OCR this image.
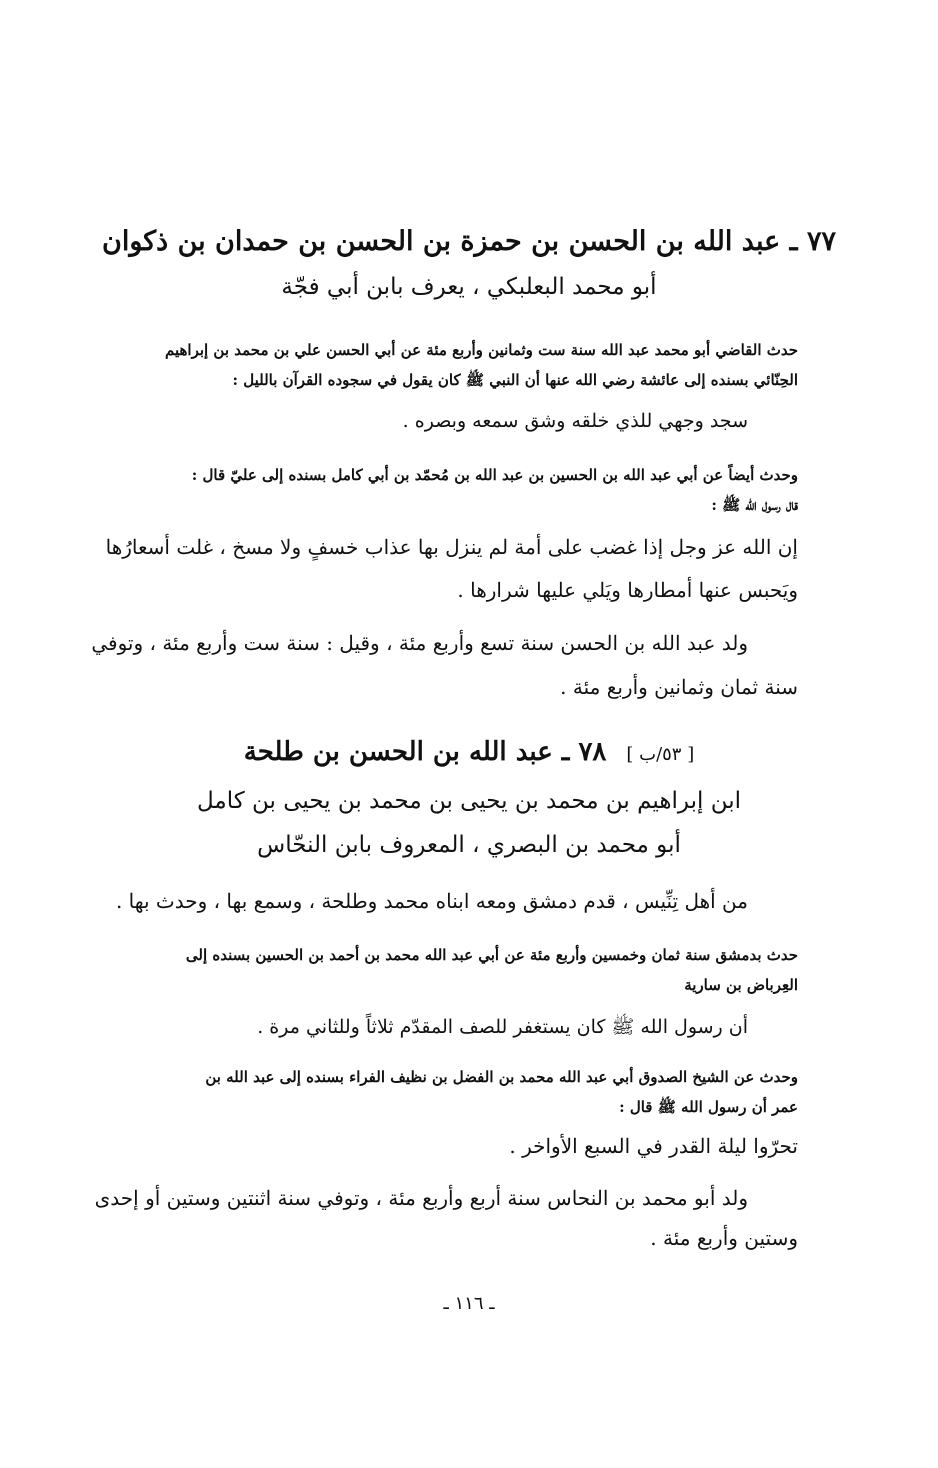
٧٧ ـ عبد الله بن الحسن بن حمزة بن الحسن بن حمدان بن ذكوان
أبو محمد البعلبكي ، يعرف بابن أبي فجّة
حدث القاضي أبو محمد عبد الله سنة ست وثمانين وأربع مئة عن أبي الحسن علي بن محمد بن إبراهيم
الحِنّائي بسنده إلى عائشة رضي الله عنها أن النبي ﷺ كان يقول في سجوده القرآن بالليل :
سجد وجهي للذي خلقه وشق سمعه وبصره .
وحدث أيضاً عن أبي عبد الله بن الحسين بن عبد الله بن مُحمّد بن أبي كامل بسنده إلى عليّ قال :
قال رسول الله ﷺ :
إن الله عز وجل إذا غضب على أمة لم ينزل بها عذاب خسفٍ ولا مسخ ، غلت أسعارُها
ويَحبس عنها أمطارها ويَلي عليها شرارها .
ولد عبد الله بن الحسن سنة تسع وأربع مئة ، وقيل : سنة ست وأربع مئة ، وتوفي
سنة ثمان وثمانين وأربع مئة .
[ ٥٣/ب ]٧٨ ـ عبد الله بن الحسن بن طلحة
ابن إبراهيم بن محمد بن يحيى بن محمد بن يحيى بن كامل
أبو محمد بن البصري ، المعروف بابن النحّاس
من أهل تِنِّيس ، قدم دمشق ومعه ابناه محمد وطلحة ، وسمع بها ، وحدث بها .
حدث بدمشق سنة ثمان وخمسين وأربع مئة عن أبي عبد الله محمد بن أحمد بن الحسين بسنده إلى
العِرباض بن سارية
أن رسول الله ﷺ كان يستغفر للصف المقدّم ثلاثاً وللثاني مرة .
وحدث عن الشيخ الصدوق أبي عبد الله محمد بن الفضل بن نظيف الفراء بسنده إلى عبد الله بن
عمر أن رسول الله ﷺ قال :
تحرّوا ليلة القدر في السبع الأواخر .
ولد أبو محمد بن النحاس سنة أربع وأربع مئة ، وتوفي سنة اثنتين وستين أو إحدى
وستين وأربع مئة .
ـ ١١٦ ـ
